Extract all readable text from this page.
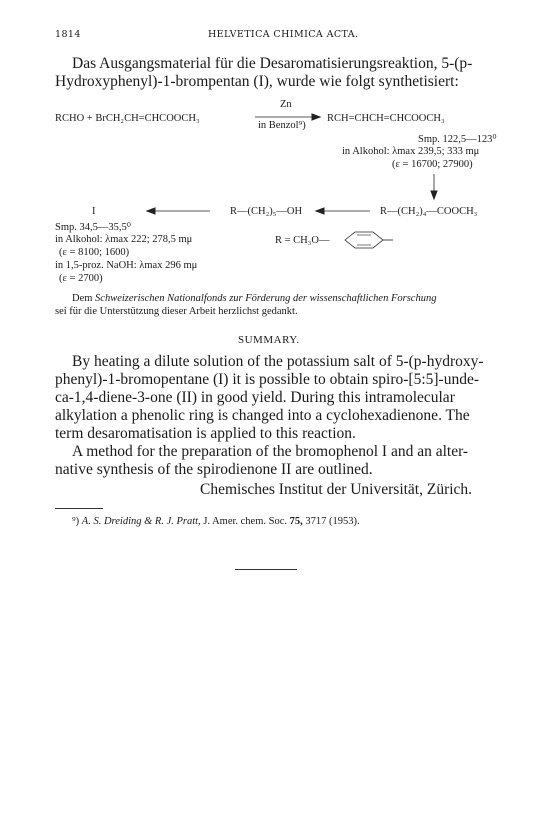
1814	HELVETICA CHIMICA ACTA.
Das Ausgangsmaterial für die Desaromatisierungsreaktion, 5-(p-
Hydroxyphenyl)-1-brompentan (I), wurde wie folgt synthetisiert:
RCHO + BrCH₂CH=CHCOOCH₃
Zn
in Benzol⁹)
RCH=CHCH=CHCOOCH₃
Smp. 122,5—123⁰
in Alkohol: λmax 239,5; 333 mμ
(ε = 16700; 27900)
R—(CH₂)₄—COOCH₃
R—(CH₂)₅—OH
I
Smp. 34,5—35,5⁰
in Alkohol: λmax 222; 278,5 mμ
(ε = 8100; 1600)
in 1,5-proz. NaOH: λmax 296 mμ
(ε = 2700)
R = CH₃O—
Dem Schweizerischen Nationalfonds zur Förderung der wissenschaftlichen Forschung
sei für die Unterstützung dieser Arbeit herzlichst gedankt.
SUMMARY.
By heating a dilute solution of the potassium salt of 5-(p-hydroxy-
phenyl)-1-bromopentane (I) it is possible to obtain spiro-[5:5]-unde-
ca-1,4-diene-3-one (II) in good yield. During this intramolecular
alkylation a phenolic ring is changed into a cyclohexadienone. The
term desaromatisation is applied to this reaction.
A method for the preparation of the bromophenol I and an alter-
native synthesis of the spirodienone II are outlined.
Chemisches Institut der Universität, Zürich.
⁹) A. S. Dreiding & R. J. Pratt, J. Amer. chem. Soc. 75, 3717 (1953).
